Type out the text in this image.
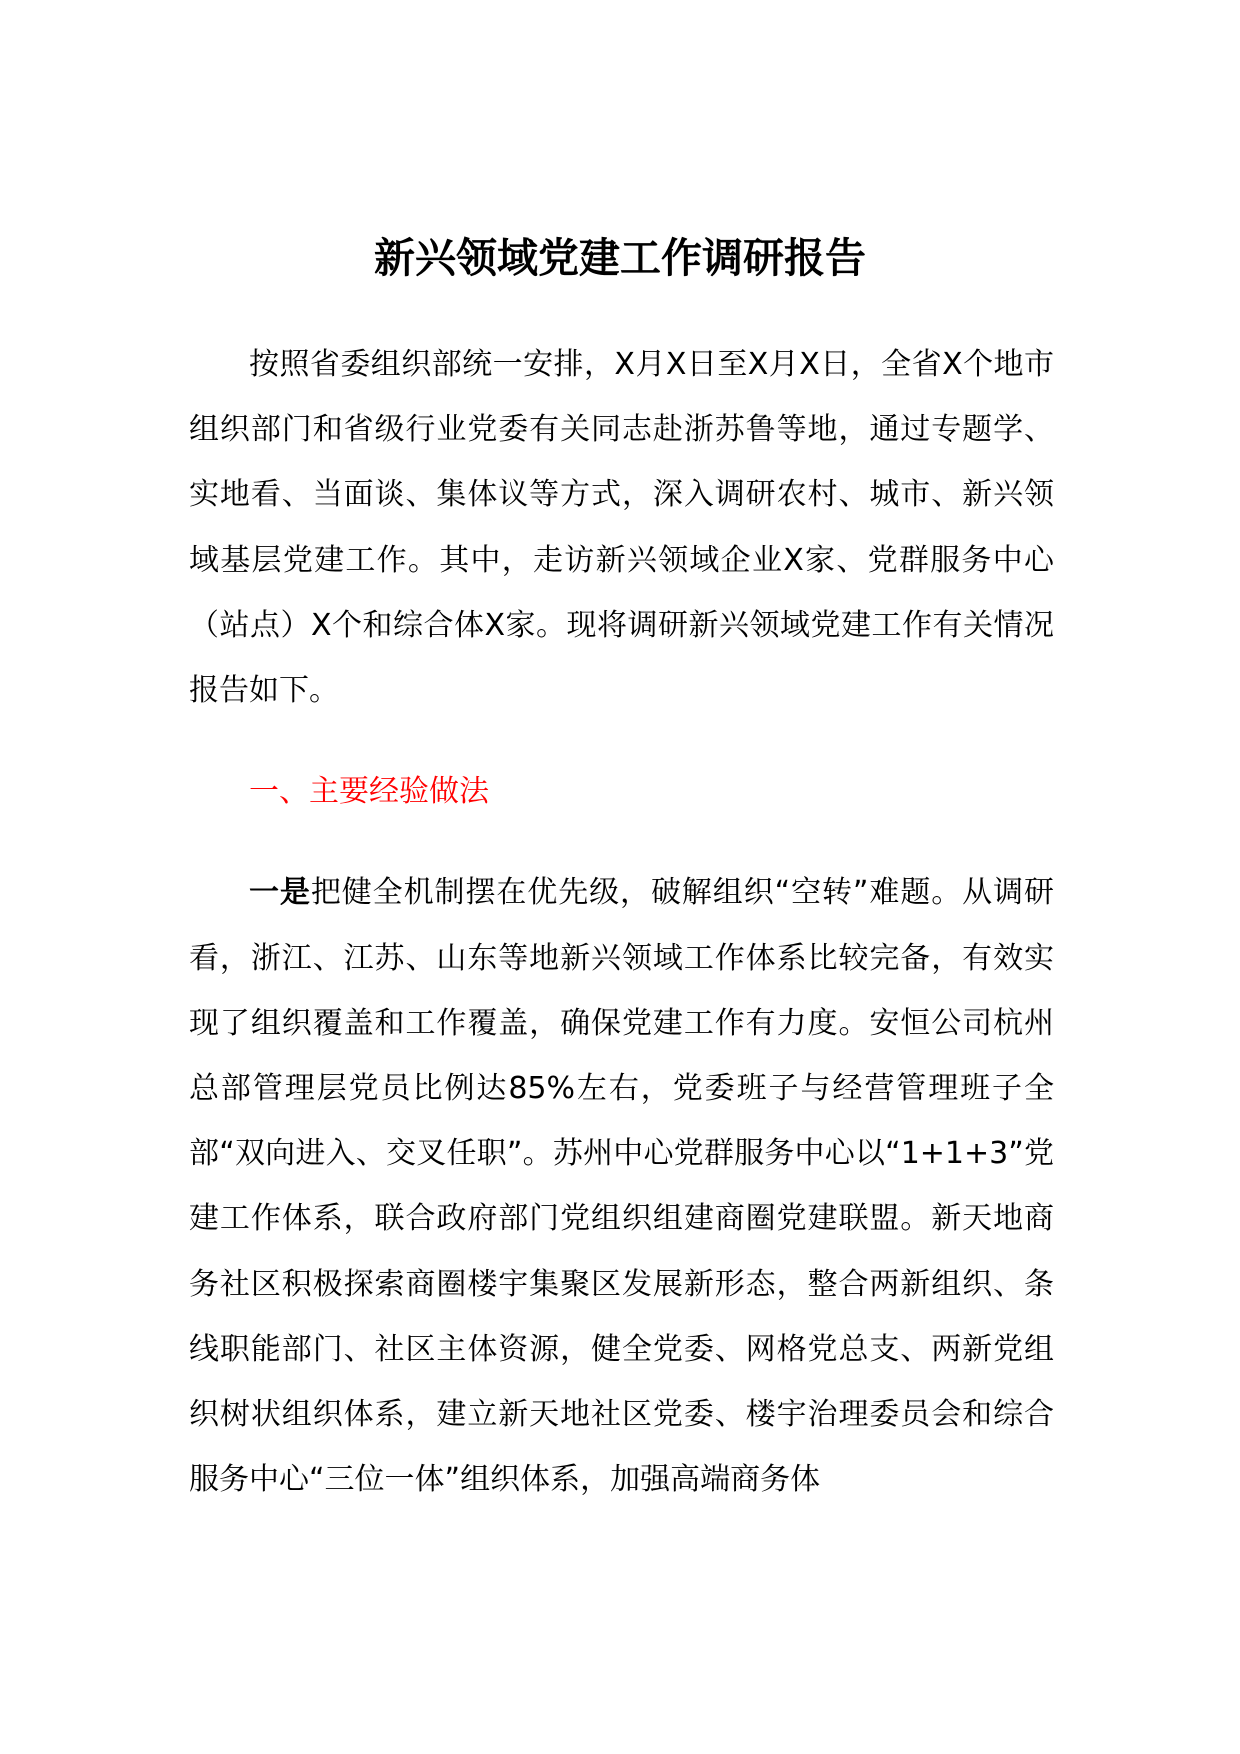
新兴领域党建工作调研报告

按照省委组织部统一安排，X月X日至X月X日，全省X个地市组织部门和省级行业党委有关同志赴浙苏鲁等地，通过专题学、实地看、当面谈、集体议等方式，深入调研农村、城市、新兴领域基层党建工作。其中，走访新兴领域企业X家、党群服务中心（站点）X个和综合体X家。现将调研新兴领域党建工作有关情况报告如下。

一、主要经验做法

一是把健全机制摆在优先级，破解组织“空转”难题。从调研看，浙江、江苏、山东等地新兴领域工作体系比较完备，有效实现了组织覆盖和工作覆盖，确保党建工作有力度。安恒公司杭州总部管理层党员比例达85%左右，党委班子与经营管理班子全部“双向进入、交叉任职”。苏州中心党群服务中心以“1+1+3”党建工作体系，联合政府部门党组织组建商圈党建联盟。新天地商务社区积极探索商圈楼宇集聚区发展新形态，整合两新组织、条线职能部门、社区主体资源，健全党委、网格党总支、两新党组织树状组织体系，建立新天地社区党委、楼宇治理委员会和综合服务中心“三位一体”组织体系，加强高端商务体
